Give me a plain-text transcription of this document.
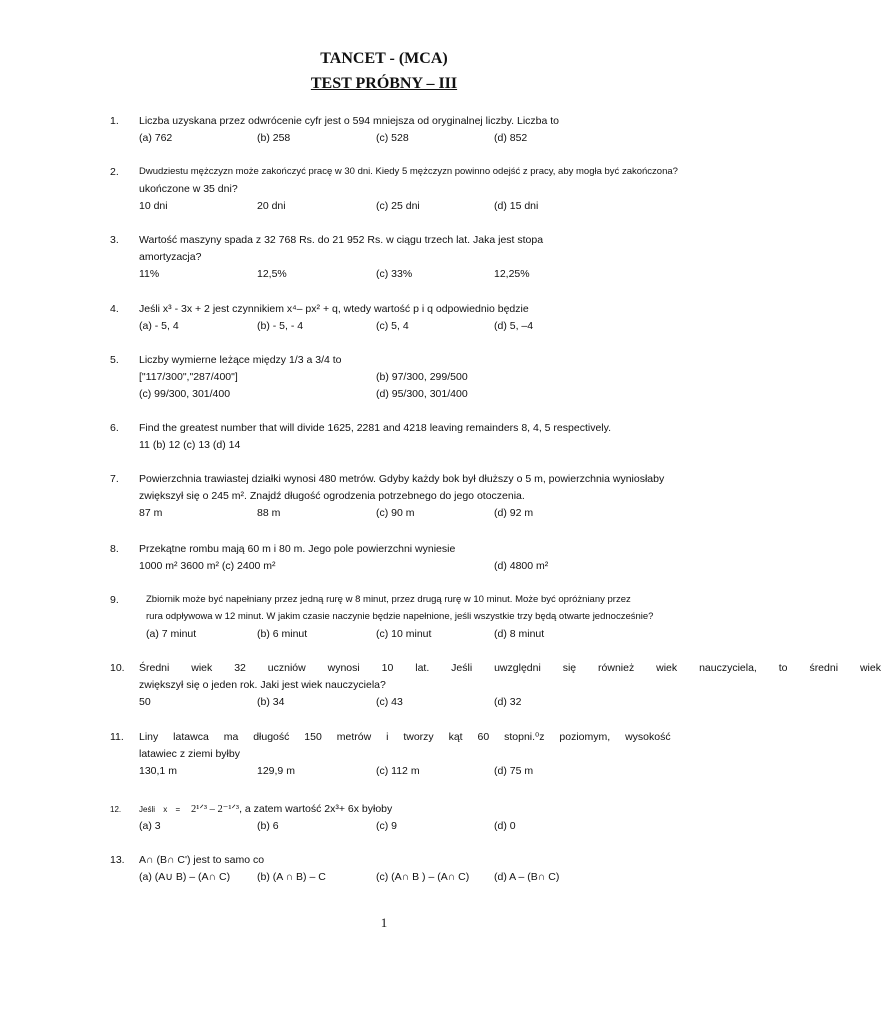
TANCET - (MCA)
TEST PRÓBNY – III
1. Liczba uzyskana przez odwrócenie cyfr jest o 594 mniejsza od oryginalnej liczby. Liczba to
(a) 762	(b) 258	(c) 528	(d) 852
2. Dwudziestu mężczyzn może zakończyć pracę w 30 dni. Kiedy 5 mężczyzn powinno odejść z pracy, aby mogła być zakończona?
ukończone w 35 dni?
10 dni	20 dni	(c) 25 dni	(d) 15 dni
3. Wartość maszyny spada z 32 768 Rs. do 21 952 Rs. w ciągu trzech lat. Jaka jest stopa
amortyzacja?
11%	12,5%	(c) 33%	12,25%
4. Jeśli x³ - 3x + 2 jest czynnikiem x⁴– px² + q, wtedy wartość p i q odpowiednio będzie
(a) - 5, 4	(b) - 5, - 4	(c) 5, 4	(d) 5, –4
5. Liczby wymierne leżące między 1/3 a 3/4 to
["117/300","287/400"]	(b) 97/300, 299/500
(c) 99/300, 301/400	(d) 95/300, 301/400
6. Find the greatest number that will divide 1625, 2281 and 4218 leaving remainders 8, 4, 5 respectively.
11 (b) 12 (c) 13 (d) 14
7. Powierzchnia trawiastej działki wynosi 480 metrów. Gdyby każdy bok był dłuższy o 5 m, powierzchnia wyniosłaby
zwiększył się o 245 m². Znajdź długość ogrodzenia potrzebnego do jego otoczenia.
87 m	88 m	(c) 90 m	(d) 92 m
8. Przekątne rombu mają 60 m i 80 m. Jego pole powierzchni wyniesie
1000 m² 3600 m² (c) 2400 m²	(d) 4800 m²
9.	Zbiornik może być napełniany przez jedną rurę w 8 minut, przez drugą rurę w 10 minut. Może być opróżniany przez
rura odpływowa w 12 minut. W jakim czasie naczynie będzie napełnione, jeśli wszystkie trzy będą otwarte jednocześnie?
(a) 7 minut	(b) 6 minut	(c) 10 minut	(d) 8 minut
10. Średni wiek 32 uczniów wynosi 10 lat. Jeśli uwzględni się również wiek nauczyciela, to średni wiek
zwiększył się o jeden rok. Jaki jest wiek nauczyciela?
50	(b) 34	(c) 43	(d) 32
11. Liny latawca ma długość 150 metrów i tworzy kąt 60 stopni.⁰z poziomym, wysokość
latawiec z ziemi byłby
130,1 m	129,9 m	(c) 112 m	(d) 75 m
12. Jeśli x = 2¹ᐟ³ – 2⁻¹ᐟ³, a zatem wartość 2x³+ 6x byłoby
(a) 3	(b) 6	(c) 9	(d) 0
13. A∩ (B∩ C') jest to samo co
(a) (A∪ B) – (A∩ C)	(b) (A ∩ B) – C	(c) (A∩ B ) – (A∩ C) (d) A – (B∩ C)
1
